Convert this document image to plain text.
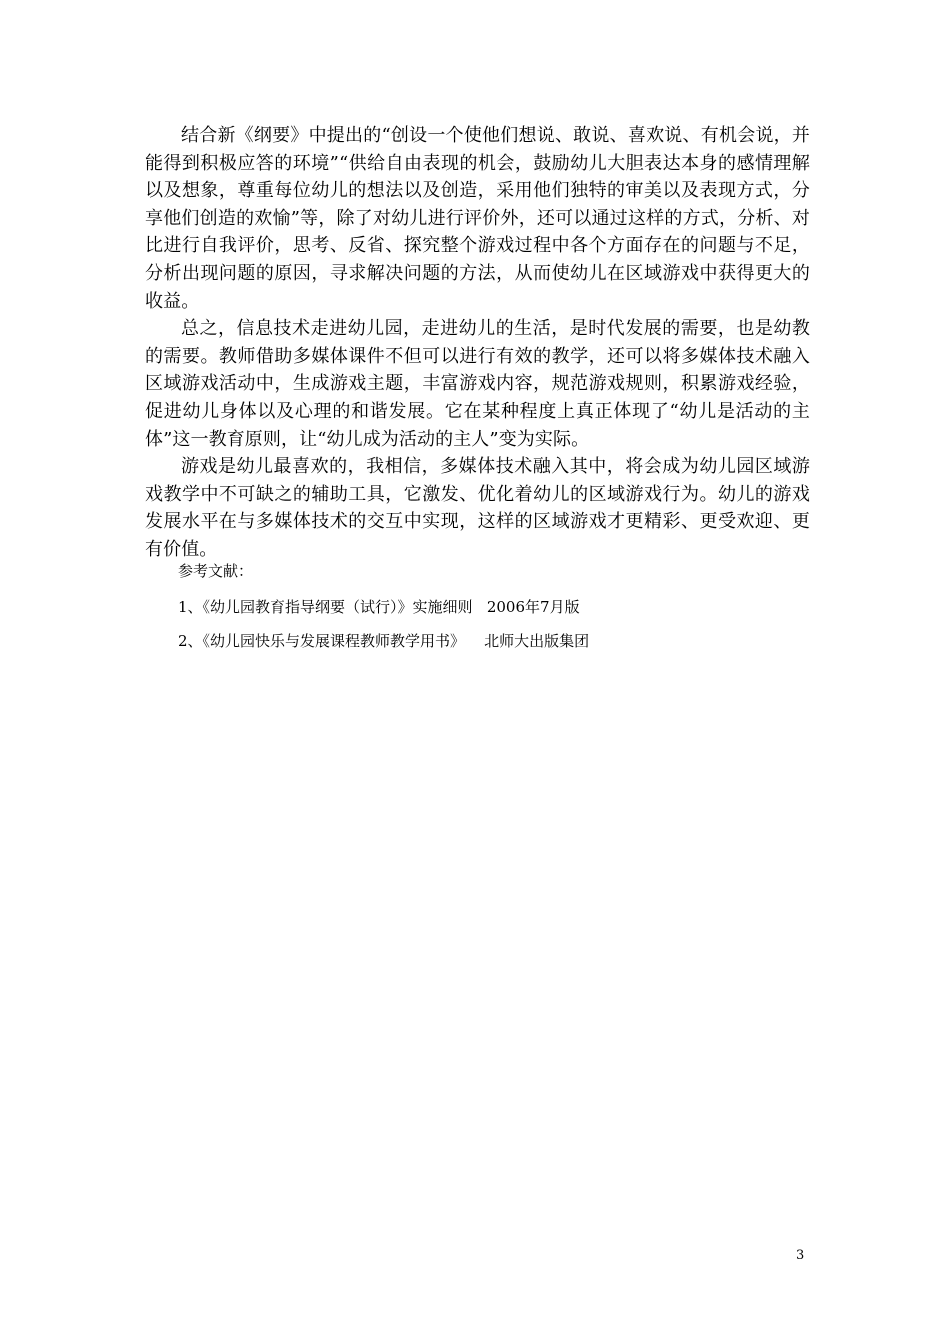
结合新《纲要》中提出的“创设一个使他们想说、敢说、喜欢说、有机会说，并能得到积极应答的环境”“供给自由表现的机会，鼓励幼儿大胆表达本身的感情理解以及想象，尊重每位幼儿的想法以及创造，采用他们独特的审美以及表现方式，分享他们创造的欢愉”等，除了对幼儿进行评价外，还可以通过这样的方式，分析、对比进行自我评价，思考、反省、探究整个游戏过程中各个方面存在的问题与不足，分析出现问题的原因，寻求解决问题的方法，从而使幼儿在区域游戏中获得更大的收益。

总之，信息技术走进幼儿园，走进幼儿的生活，是时代发展的需要，也是幼教的需要。教师借助多媒体课件不但可以进行有效的教学，还可以将多媒体技术融入区域游戏活动中，生成游戏主题，丰富游戏内容，规范游戏规则，积累游戏经验，促进幼儿身体以及心理的和谐发展。它在某种程度上真正体现了“幼儿是活动的主体”这一教育原则，让“幼儿成为活动的主人”变为实际。

游戏是幼儿最喜欢的，我相信，多媒体技术融入其中，将会成为幼儿园区域游戏教学中不可缺之的辅助工具，它激发、优化着幼儿的区域游戏行为。幼儿的游戏发展水平在与多媒体技术的交互中实现，这样的区域游戏才更精彩、更受欢迎、更有价值。

参考文献：

1、《幼儿园教育指导纲要（试行）》实施细则   2006年7月版

2、《幼儿园快乐与发展课程教师教学用书》    北师大出版集团

3
